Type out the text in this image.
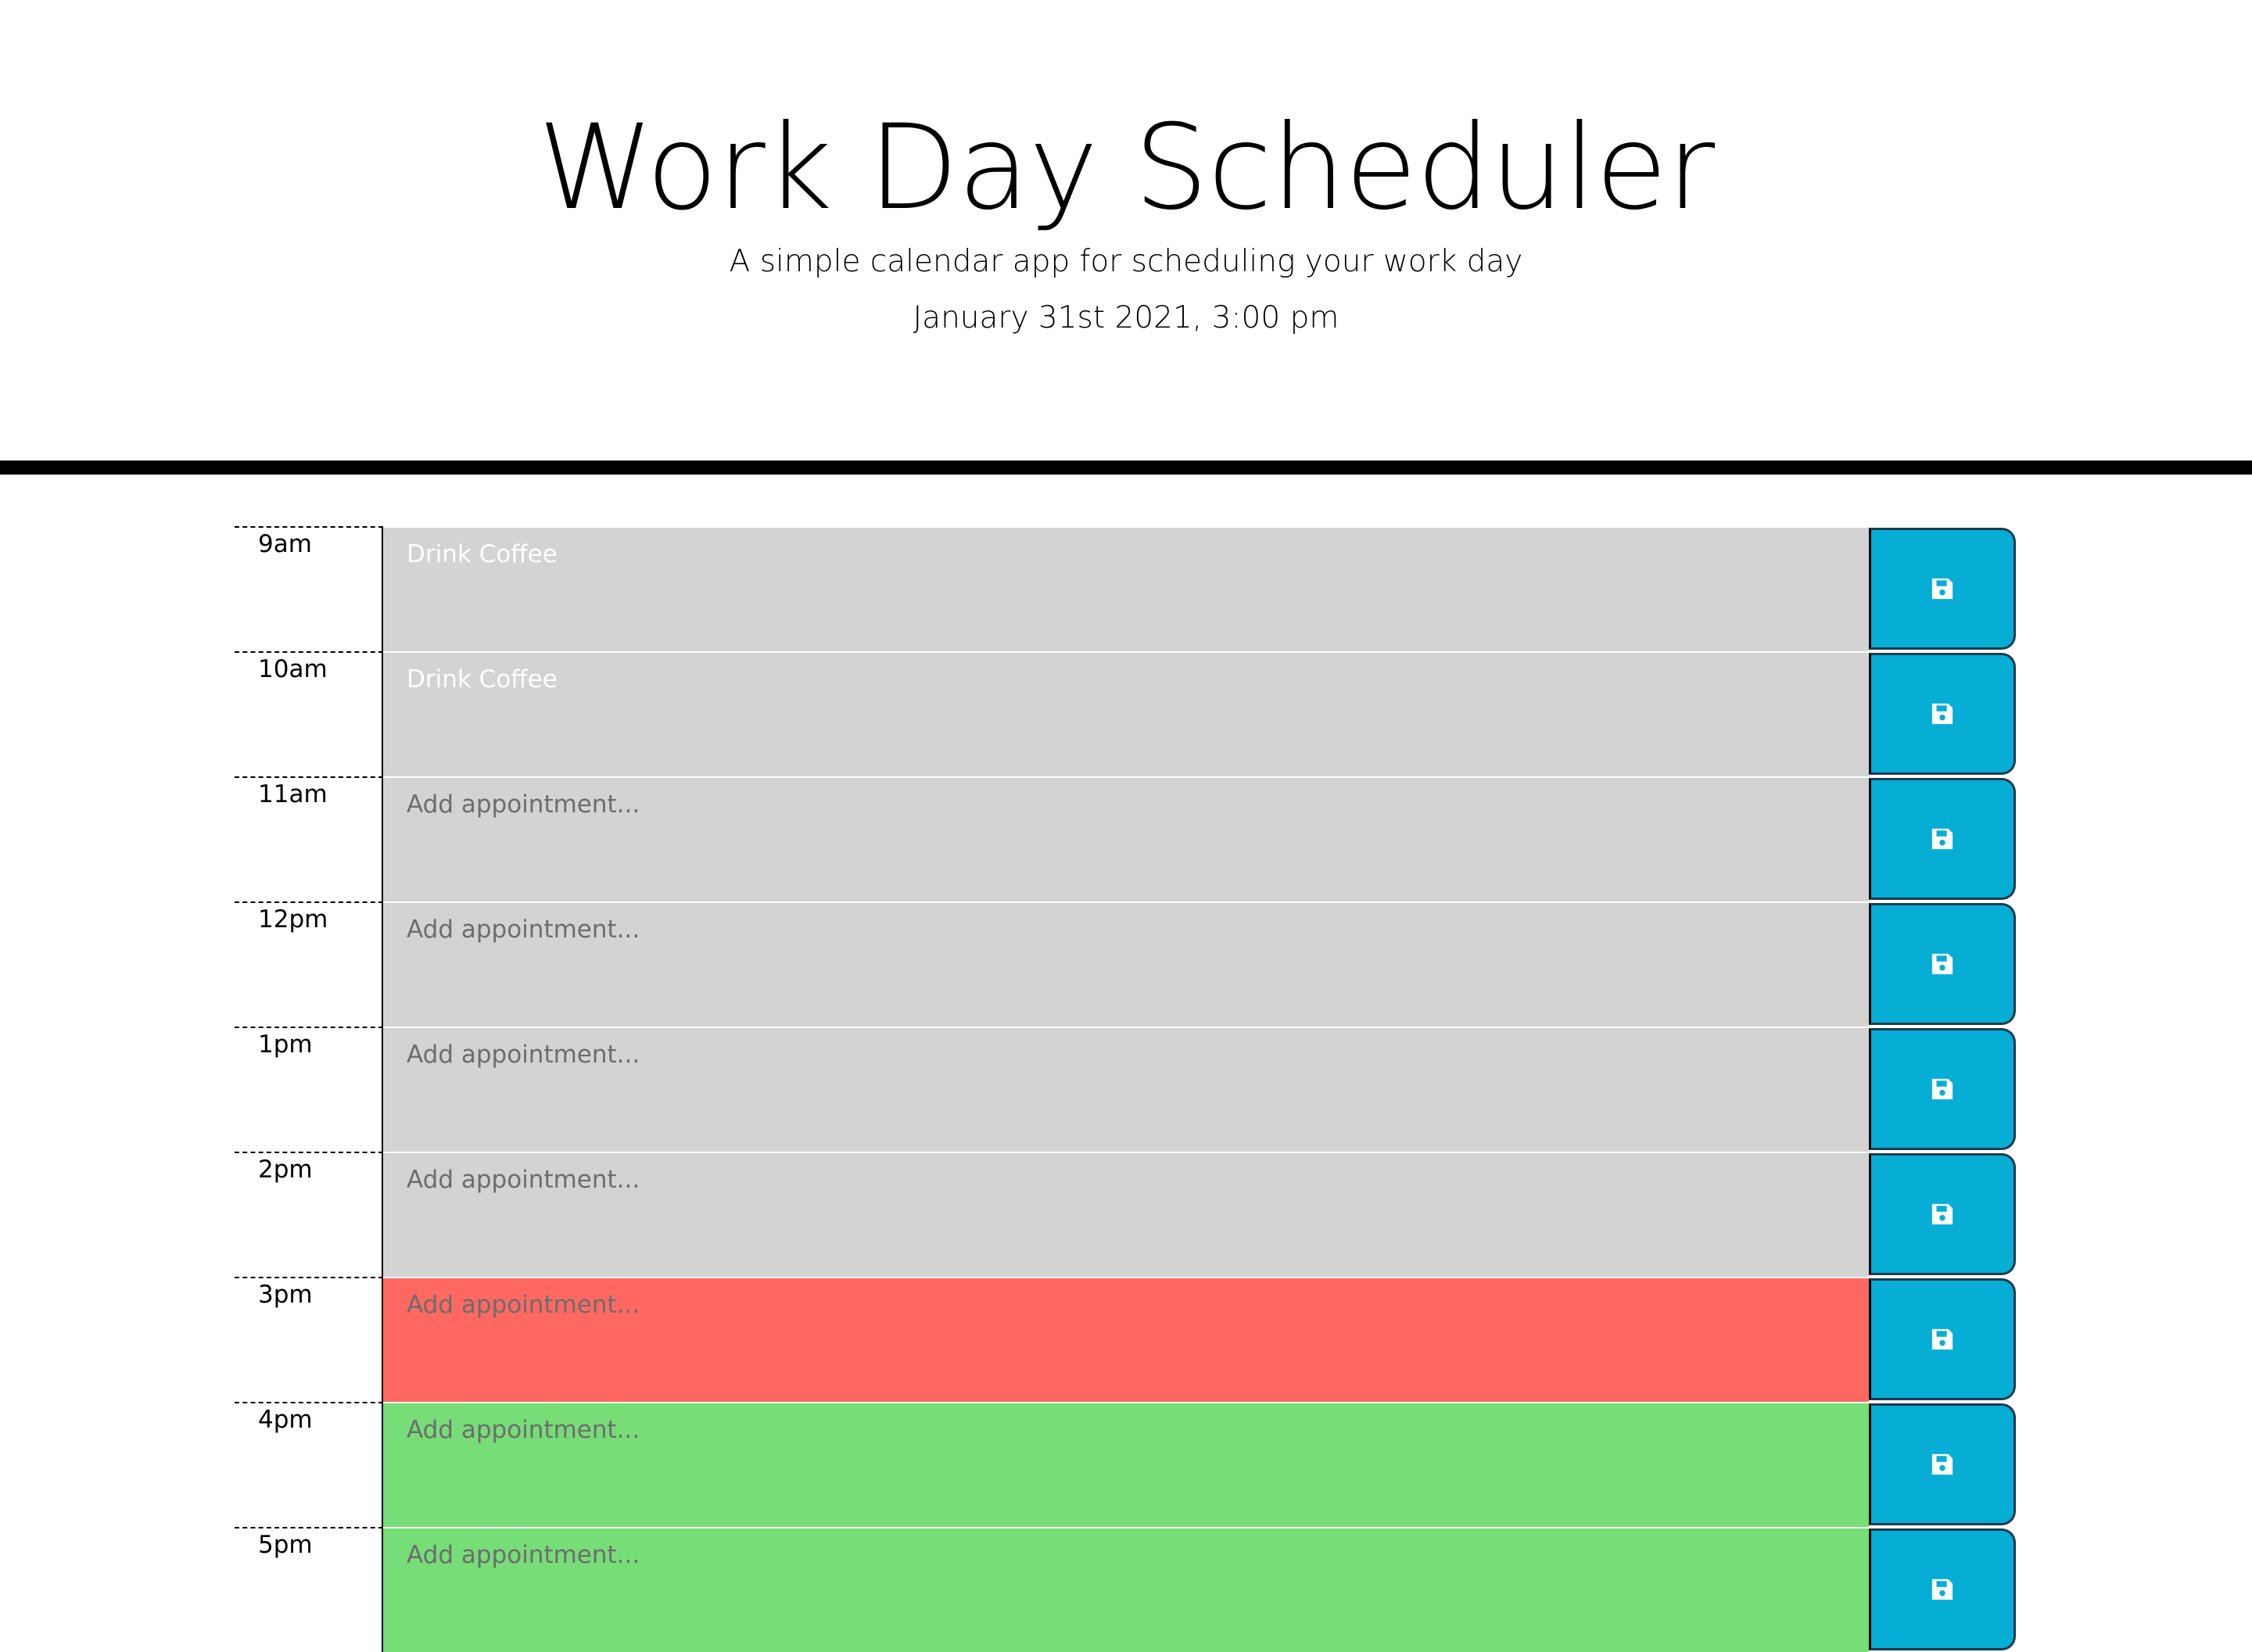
Work Day Scheduler
A simple calendar app for scheduling your work day
January 31st 2021, 3:00 pm
9am
Drink Coffee
10am
Drink Coffee
11am
Add appointment...
12pm
Add appointment...
1pm
Add appointment...
2pm
Add appointment...
3pm
Add appointment...
4pm
Add appointment...
5pm
Add appointment...
